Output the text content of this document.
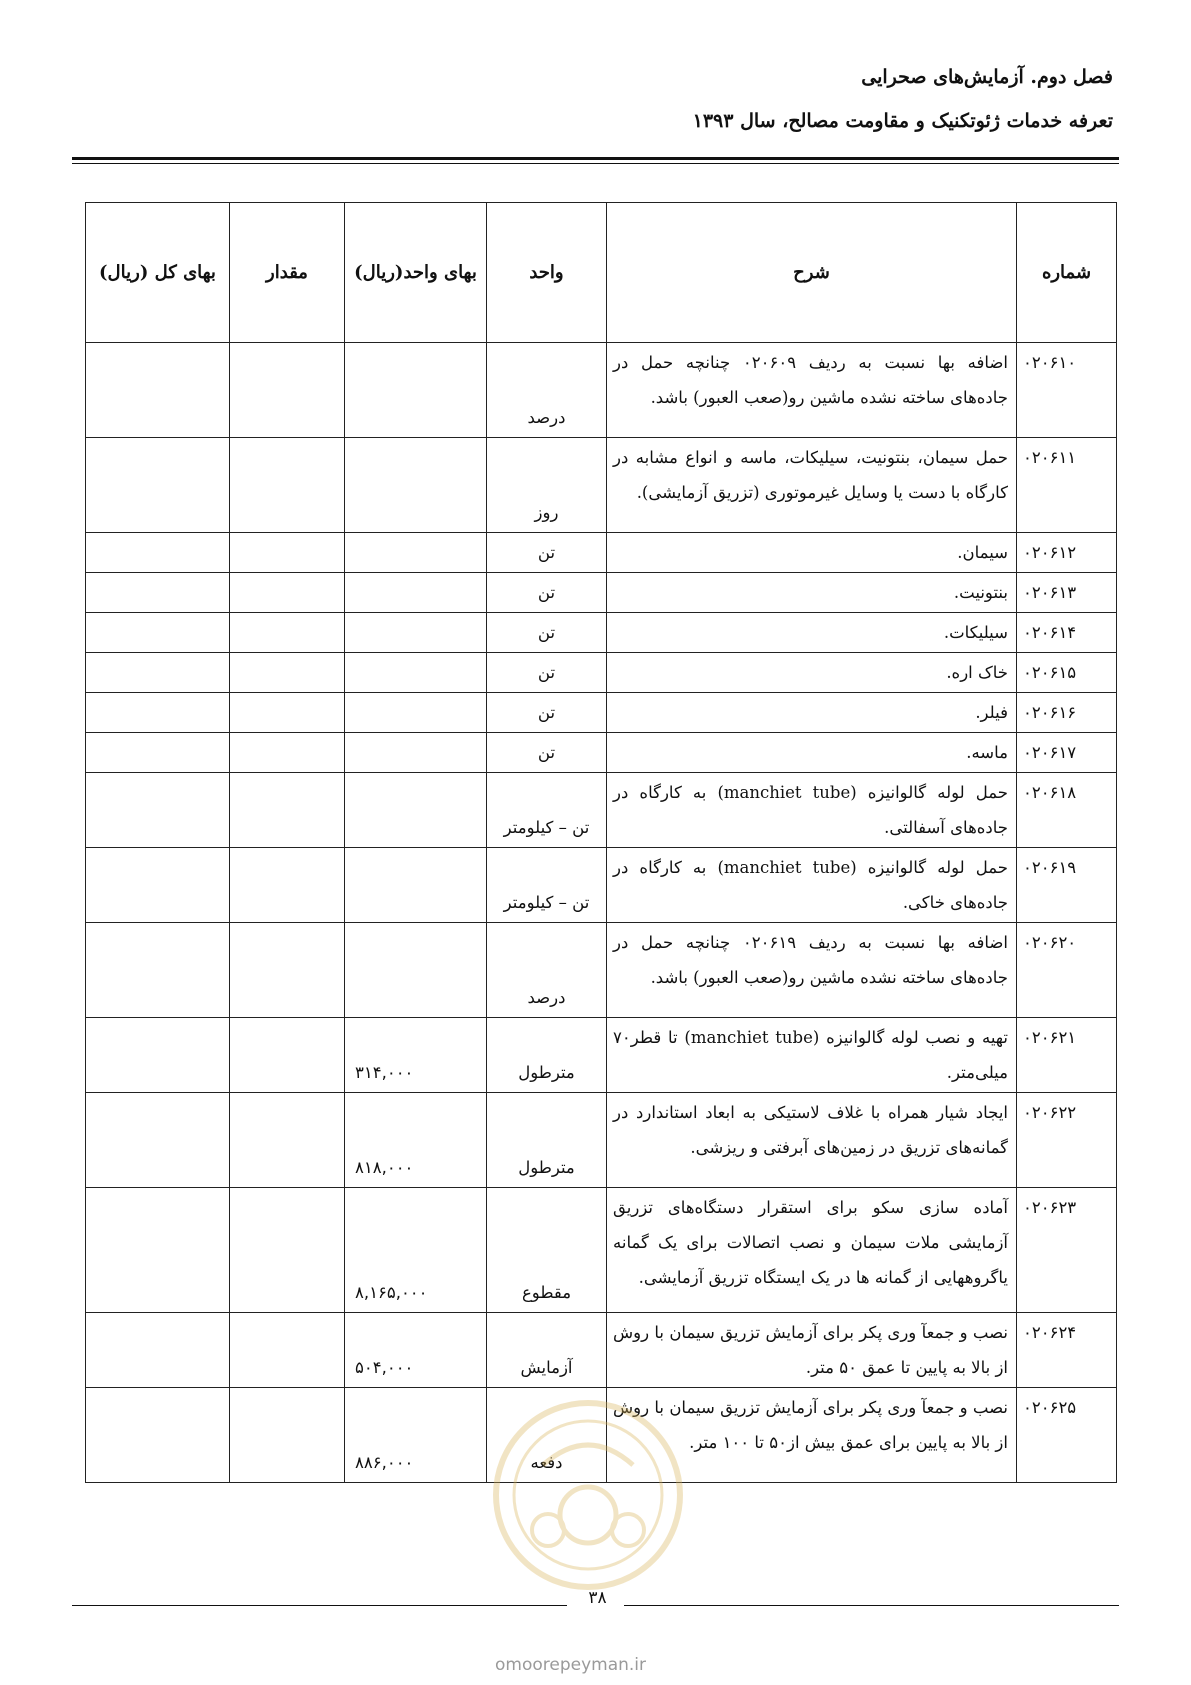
فصل دوم. آزمایش‌های صحرایی
تعرفه خدمات ژئوتکنیک و مقاومت مصالح، سال ۱۳۹۳
شماره	شرح	واحد	بهای واحد(ریال)	مقدار	بهای کل (ریال)
۰۲۰۶۱۰	اضافه بها نسبت به ردیف ۰۲۰۶۰۹ چنانچه حمل در جاده‌های ساخته نشده ماشین رو(صعب العبور) باشد.	درصد			
۰۲۰۶۱۱	حمل سیمان، بنتونیت، سیلیکات، ماسه و انواع مشابه در کارگاه با دست یا وسایل غیرموتوری (تزریق آزمایشی).	روز			
۰۲۰۶۱۲	سیمان.	تن			
۰۲۰۶۱۳	بنتونیت.	تن			
۰۲۰۶۱۴	سیلیکات.	تن			
۰۲۰۶۱۵	خاک اره.	تن			
۰۲۰۶۱۶	فیلر.	تن			
۰۲۰۶۱۷	ماسه.	تن			
۰۲۰۶۱۸	حمل لوله گالوانیزه (manchiet tube) به کارگاه در جاده‌های آسفالتی.	تن – کیلومتر			
۰۲۰۶۱۹	حمل لوله گالوانیزه (manchiet tube) به کارگاه در جاده‌های خاکی.	تن – کیلومتر			
۰۲۰۶۲۰	اضافه بها نسبت به ردیف ۰۲۰۶۱۹ چنانچه حمل در جاده‌های ساخته نشده ماشین رو(صعب العبور) باشد.	درصد			
۰۲۰۶۲۱	تهیه و نصب لوله گالوانیزه (manchiet tube) تا قطر۷۰ میلی‌متر.	مترطول	۳۱۴,۰۰۰		
۰۲۰۶۲۲	ایجاد شیار همراه با غلاف لاستیکی به ابعاد استاندارد در گمانه‌های تزریق در زمین‌های آبرفتی و ریزشی.	مترطول	۸۱۸,۰۰۰		
۰۲۰۶۲۳	آماده سازی سکو برای استقرار دستگاه‌های تزریق آزمایشی ملات سیمان و نصب اتصالات برای یک گمانه یاگروههایی از گمانه ها در یک ایستگاه تزریق آزمایشی.	مقطوع	۸,۱۶۵,۰۰۰		
۰۲۰۶۲۴	نصب و جمعآ وری پکر برای آزمایش تزریق سیمان با روش از بالا به پایین تا عمق ۵۰ متر.	آزمایش	۵۰۴,۰۰۰		
۰۲۰۶۲۵	نصب و جمعآ وری پکر برای آزمایش تزریق سیمان با روش از بالا به پایین برای عمق بیش از۵۰ تا ۱۰۰ متر.	دفعه	۸۸۶,۰۰۰		
۳۸
omoorepeyman.ir
